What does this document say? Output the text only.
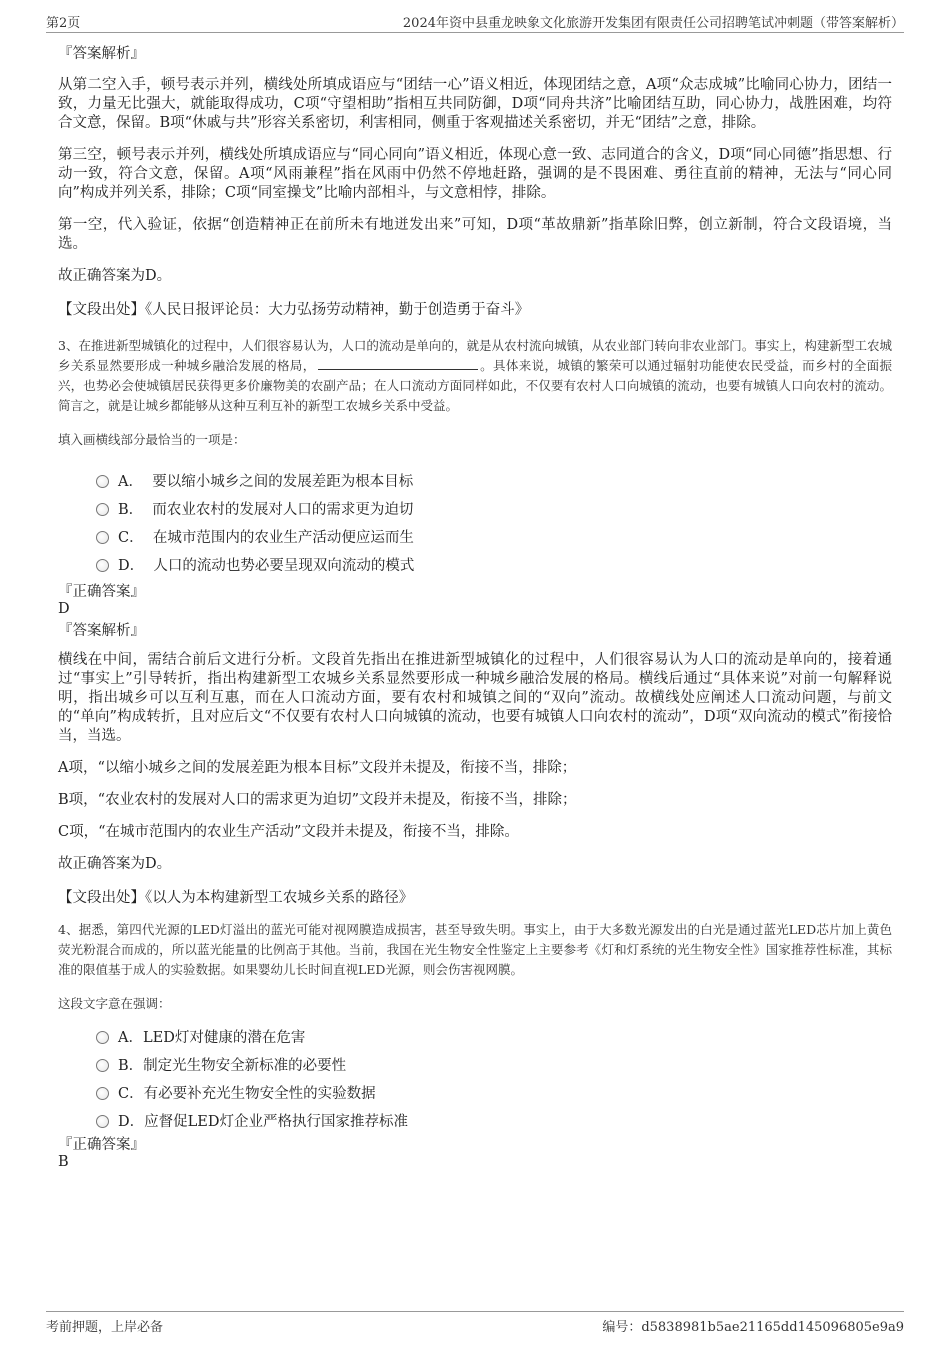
第2页	2024年资中县重龙映象文化旅游开发集团有限责任公司招聘笔试冲刺题（带答案解析）

『答案解析』

从第二空入手，顿号表示并列，横线处所填成语应与“团结一心”语义相近，体现团结之意，A项“众志成城”比喻同心协力，团结一致，力量无比强大，就能取得成功，C项“守望相助”指相互共同防御，D项“同舟共济”比喻团结互助，同心协力，战胜困难，均符合文意，保留。B项“休戚与共”形容关系密切，利害相同，侧重于客观描述关系密切，并无“团结”之意，排除。

第三空，顿号表示并列，横线处所填成语应与“同心同向”语义相近，体现心意一致、志同道合的含义，D项“同心同德”指思想、行动一致，符合文意，保留。A项“风雨兼程”指在风雨中仍然不停地赶路，强调的是不畏困难、勇往直前的精神，无法与“同心同向”构成并列关系，排除；C项“同室操戈”比喻内部相斗，与文意相悖，排除。

第一空，代入验证，依据“创造精神正在前所未有地迸发出来”可知，D项“革故鼎新”指革除旧弊，创立新制，符合文段语境，当选。

故正确答案为D。

【文段出处】《人民日报评论员：大力弘扬劳动精神，勤于创造勇于奋斗》

3、在推进新型城镇化的过程中，人们很容易认为，人口的流动是单向的，就是从农村流向城镇，从农业部门转向非农业部门。事实上，构建新型工农城乡关系显然要形成一种城乡融洽发展的格局，	。具体来说，城镇的繁荣可以通过辐射功能使农民受益，而乡村的全面振兴，也势必会使城镇居民获得更多价廉物美的农副产品；在人口流动方面同样如此，不仅要有农村人口向城镇的流动，也要有城镇人口向农村的流动。简言之，就是让城乡都能够从这种互利互补的新型工农城乡关系中受益。

填入画横线部分最恰当的一项是：

A． 要以缩小城乡之间的发展差距为根本目标
B． 而农业农村的发展对人口的需求更为迫切
C． 在城市范围内的农业生产活动便应运而生
D． 人口的流动也势必要呈现双向流动的模式

『正确答案』

D

『答案解析』

横线在中间，需结合前后文进行分析。文段首先指出在推进新型城镇化的过程中，人们很容易认为人口的流动是单向的，接着通过“事实上”引导转折，指出构建新型工农城乡关系显然要形成一种城乡融洽发展的格局。横线后通过“具体来说”对前一句解释说明，指出城乡可以互利互惠，而在人口流动方面，要有农村和城镇之间的“双向”流动。故横线处应阐述人口流动问题，与前文的“单向”构成转折，且对应后文“不仅要有农村人口向城镇的流动，也要有城镇人口向农村的流动”，D项“双向流动的模式”衔接恰当，当选。

A项，“以缩小城乡之间的发展差距为根本目标”文段并未提及，衔接不当，排除；

B项，“农业农村的发展对人口的需求更为迫切”文段并未提及，衔接不当，排除；

C项，“在城市范围内的农业生产活动”文段并未提及，衔接不当，排除。

故正确答案为D。

【文段出处】《以人为本构建新型工农城乡关系的路径》

4、据悉，第四代光源的LED灯溢出的蓝光可能对视网膜造成损害，甚至导致失明。事实上，由于大多数光源发出的白光是通过蓝光LED芯片加上黄色荧光粉混合而成的，所以蓝光能量的比例高于其他。当前，我国在光生物安全性鉴定上主要参考《灯和灯系统的光生物安全性》国家推荐性标准，其标准的限值基于成人的实验数据。如果婴幼儿长时间直视LED光源，则会伤害视网膜。

这段文字意在强调：

A．LED灯对健康的潜在危害
B．制定光生物安全新标准的必要性
C．有必要补充光生物安全性的实验数据
D．应督促LED灯企业严格执行国家推荐标准

『正确答案』

B

考前押题，上岸必备	编号：d5838981b5ae21165dd145096805e9a9
